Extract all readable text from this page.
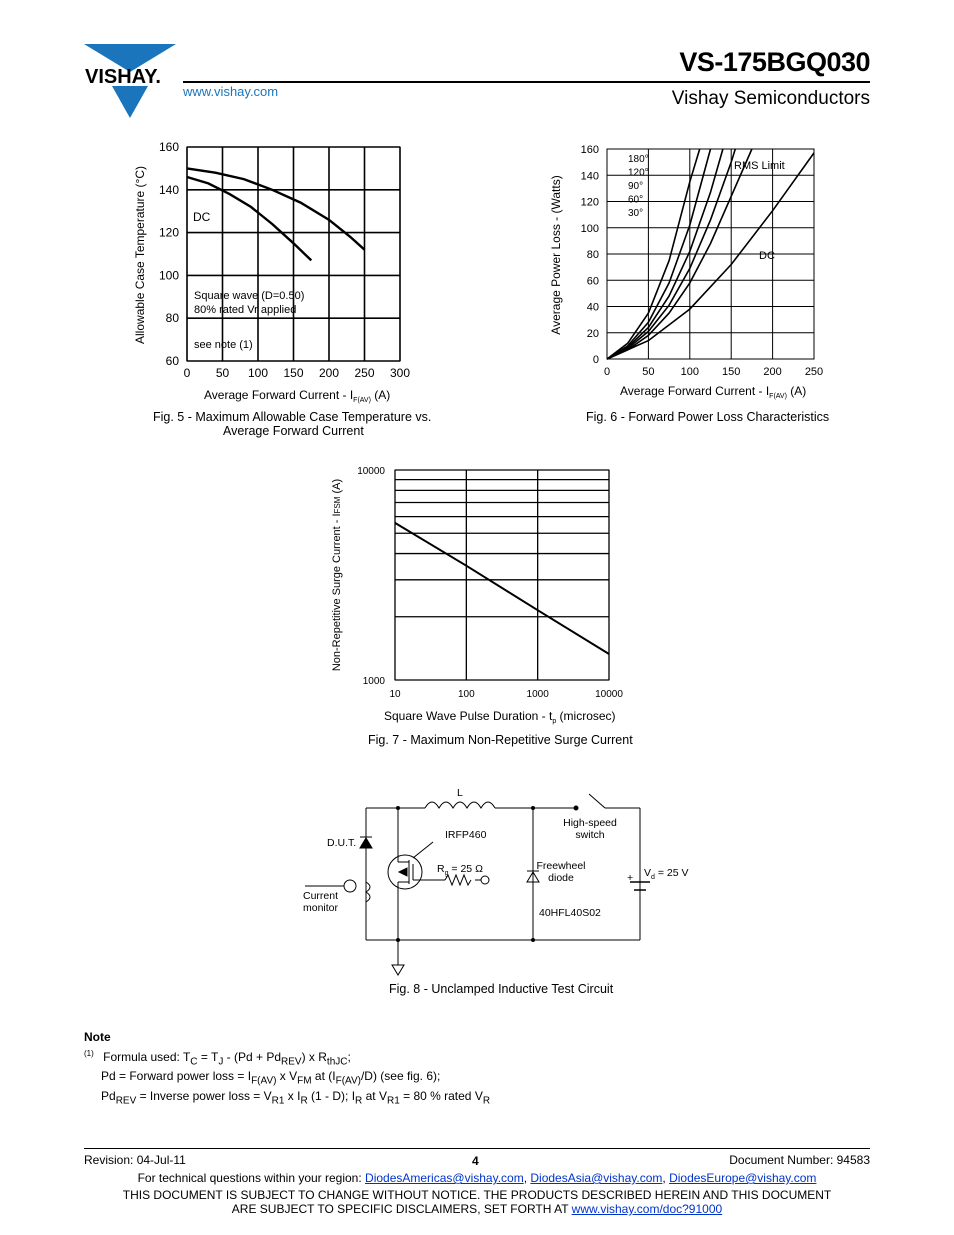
VISHAY.
www.vishay.com
VS-175BGQ030
Vishay Semiconductors
0 50 100 150 200 250 300
60
80
100
120
140
160
DC
Square wave (D=0.50)
80% rated Vr applied
see note (1)
Average Forward Current - $I_{F(AV)}$ (A)
Allowable Case Temperature (°C)
Fig. 5 - Maximum Allowable Case Temperature vs.
Average Forward Current
0	50 100 150 200 250
0
20
40
60
80
100
120
140
160
180°
120°
90°
60°
30°
RMS Limit
DC
Average Forward Current - $I_{F(AV)}$ (A)
Average Power Loss - (Watts)
Fig. 6 - Forward Power Loss Characteristics
10	100	1000	10000
1000
10000
Square Wave Pulse Duration - $t_p$ (microsec)
Non-Repetitive Surge Current - IFSM (A)
Fig. 7 - Maximum Non-Repetitive Surge Current
L
D.U.T.
IRFP460
High-speed
switch
Freewheel
diode
40HFL40S02
Current
monitor
$R_g = 25$ Ω	$V_d = 25$ V
+
Fig. 8 - Unclamped Inductive Test Circuit
Note
$^{(1)}$ Formula used: $T_C = T_J - (Pd + Pd_{REV})$ x $R_{thJC}$;
Pd = Forward power loss = $I_{F(AV)}$ x $V_{FM}$ at $(I_{F(AV)}/D)$ (see fig. 6);
$Pd_{REV}$ = Inverse power loss = $V_{R1}$ x $I_R$ (1 - D); $I_R$ at $V_{R1} = 80$ % rated $V_R$
Revision: 04-Jul-11	4	Document Number: 94583
For technical questions within your region: DiodesAmericas@vishay.com, DiodesAsia@vishay.com, DiodesEurope@vishay.com
THIS DOCUMENT IS SUBJECT TO CHANGE WITHOUT NOTICE. THE PRODUCTS DESCRIBED HEREIN AND THIS DOCUMENT
ARE SUBJECT TO SPECIFIC DISCLAIMERS, SET FORTH AT www.vishay.com/doc?91000
